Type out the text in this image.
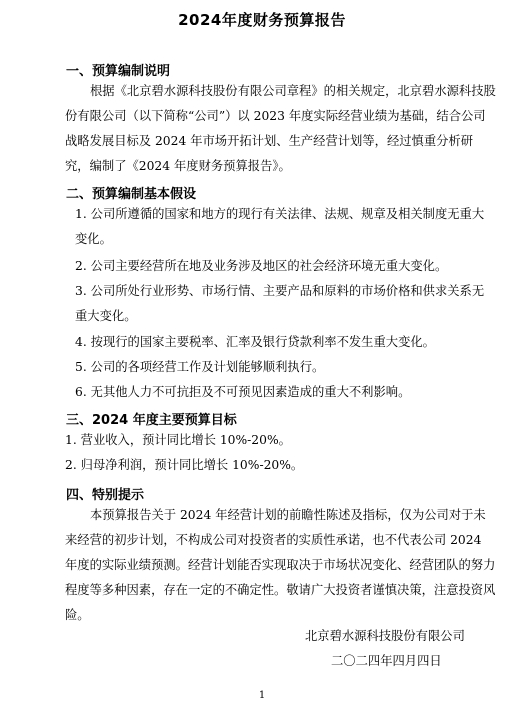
2024年度财务预算报告
一、预算编制说明
根据《北京碧水源科技股份有限公司章程》的相关规定，北京碧水源科技股份有限公司（以下简称“公司”）以 2023 年度实际经营业绩为基础，结合公司战略发展目标及 2024 年市场开拓计划、生产经营计划等，经过慎重分析研究，编制了《2024 年度财务预算报告》。
二、预算编制基本假设
1. 公司所遵循的国家和地方的现行有关法律、法规、规章及相关制度无重大变化。
2. 公司主要经营所在地及业务涉及地区的社会经济环境无重大变化。
3. 公司所处行业形势、市场行情、主要产品和原料的市场价格和供求关系无重大变化。
4. 按现行的国家主要税率、汇率及银行贷款利率不发生重大变化。
5. 公司的各项经营工作及计划能够顺利执行。
6. 无其他人力不可抗拒及不可预见因素造成的重大不利影响。
三、2024 年度主要预算目标
1. 营业收入，预计同比增长 10%-20%。
2. 归母净利润，预计同比增长 10%-20%。
四、特别提示
本预算报告关于 2024 年经营计划的前瞻性陈述及指标，仅为公司对于未来经营的初步计划，不构成公司对投资者的实质性承诺，也不代表公司 2024 年度的实际业绩预测。经营计划能否实现取决于市场状况变化、经营团队的努力程度等多种因素，存在一定的不确定性。敬请广大投资者谨慎决策，注意投资风险。
北京碧水源科技股份有限公司
二〇二四年四月四日
1
